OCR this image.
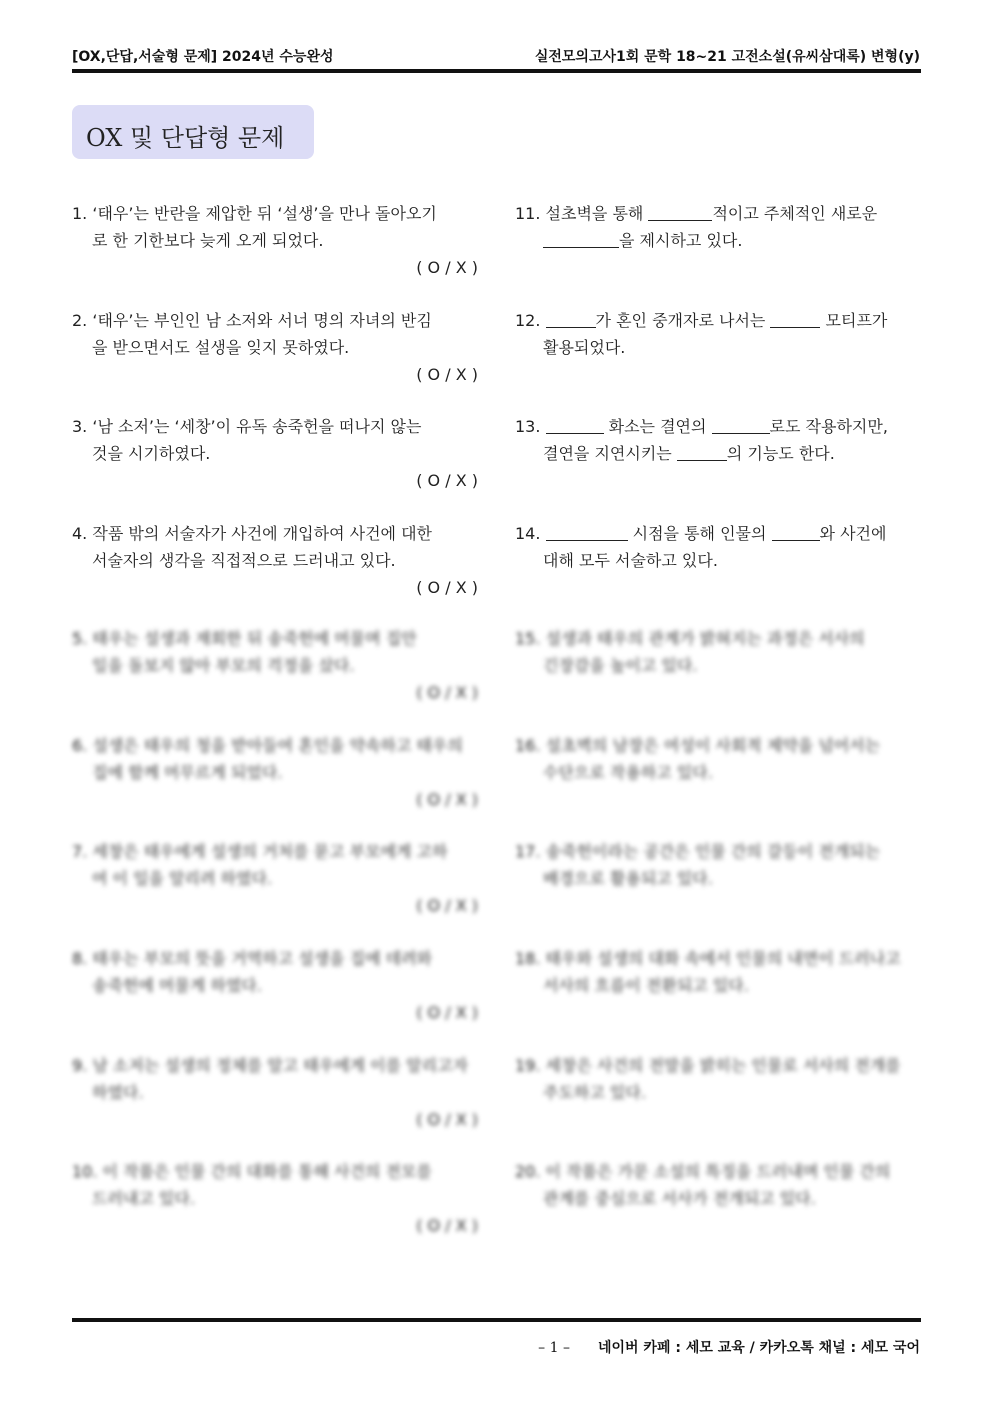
[OX,단답,서술형 문제] 2024년 수능완성	실전모의고사1회 문학 18~21 고전소설(유씨삼대록) 변형(y)
OX 및 단답형 문제
1. ‘태우’는 반란을 제압한 뒤 ‘설생’을 만나 돌아오기
로 한 기한보다 늦게 오게 되었다.
( O / X )
2. ‘태우’는 부인인 남 소저와 서너 명의 자녀의 반김
을 받으면서도 설생을 잊지 못하였다.
( O / X )
3. ‘남 소저’는 ‘세창’이 유독 송죽헌을 떠나지 않는
것을 시기하였다.
( O / X )
4. 작품 밖의 서술자가 사건에 개입하여 사건에 대한
서술자의 생각을 직접적으로 드러내고 있다.
( O / X )
5. 태우는 설생과 재회한 뒤 송죽헌에 머물며 집안
일을 돌보지 않아 부모의 걱정을 샀다.
( O / X )
6. 설생은 태우의 청을 받아들여 혼인을 약속하고 태우의
집에 함께 머무르게 되었다.
( O / X )
7. 세창은 태우에게 설생의 거처를 묻고 부모에게 고하
여 이 일을 알리려 하였다.
( O / X )
8. 태우는 부모의 뜻을 거역하고 설생을 집에 데려와
송죽헌에 머물게 하였다.
( O / X )
9. 남 소저는 설생의 정체를 알고 태우에게 이를 알리고자
하였다.
( O / X )
10. 이 작품은 인물 간의 대화를 통해 사건의 전모를
드러내고 있다.
( O / X )
11. 설초벽을 통해	적이고 주체적인 새로운
을 제시하고 있다.
12.	가 혼인 중개자로 나서는	모티프가
활용되었다.
13.	화소는 결연의	로도 작용하지만,
결연을 지연시키는	의 기능도 한다.
14.	시점을 통해 인물의	와 사건에
대해 모두 서술하고 있다.
15. 설생과 태우의 관계가 밝혀지는 과정은 서사의
긴장감을 높이고 있다.
16. 설초벽의 남장은 여성이 사회적 제약을 넘어서는
수단으로 작용하고 있다.
17. 송죽헌이라는 공간은 인물 간의 갈등이 전개되는
배경으로 활용되고 있다.
18. 태우와 설생의 대화 속에서 인물의 내면이 드러나고
서사의 흐름이 전환되고 있다.
19. 세창은 사건의 전말을 밝히는 인물로 서사의 전개를
주도하고 있다.
20. 이 작품은 가문 소설의 특징을 드러내며 인물 간의
관계를 중심으로 서사가 전개되고 있다.
– 1 – 네이버 카페 : 세모 교육 / 카카오톡 채널 : 세모 국어
